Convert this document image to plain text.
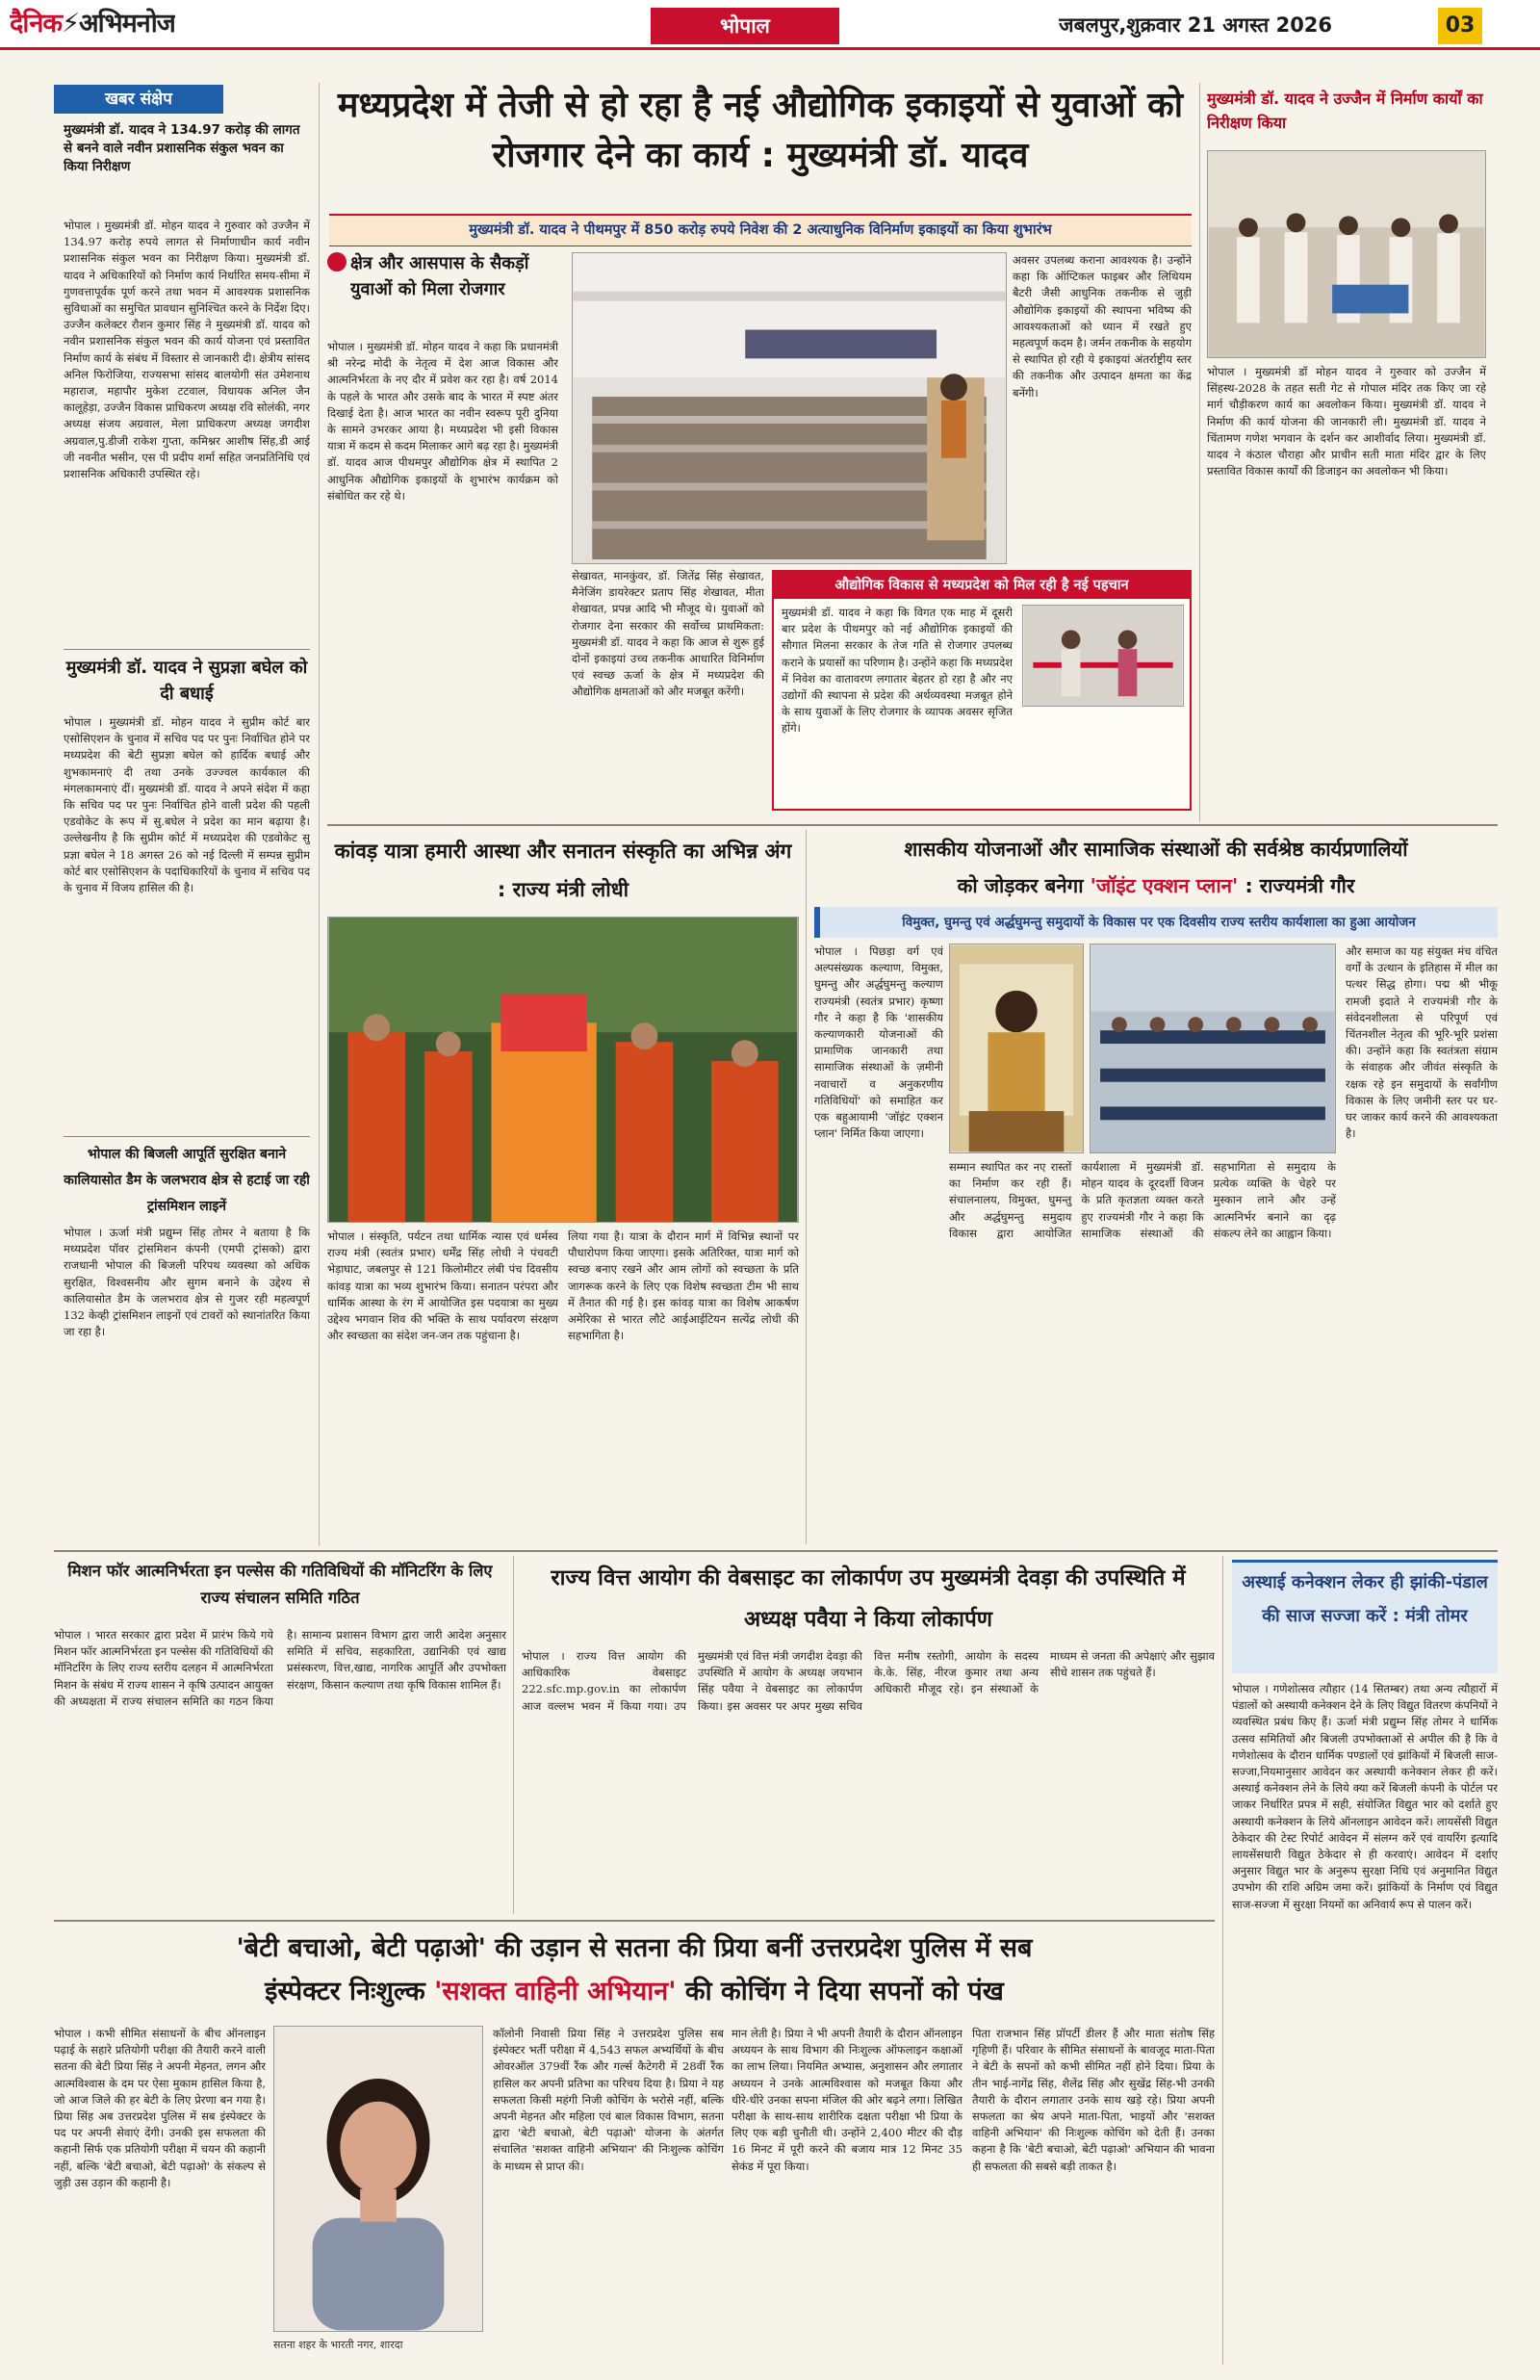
दैनिक⚡अभिमनोज	भोपाल	जबलपुर,शुक्रवार 21 अगस्त 2026	03
खबर संक्षेप
मुख्यमंत्री डॉ. यादव ने 134.97 करोड़ की लागत से बनने वाले नवीन प्रशासनिक संकुल भवन का किया निरीक्षण
भोपाल । मुख्यमंत्री डॉ. मोहन यादव ने गुरुवार को उज्जैन में 134.97 करोड़ रुपये लागत से निर्माणाधीन कार्य नवीन प्रशासनिक संकुल भवन का निरीक्षण किया। मुख्यमंत्री डॉ. यादव ने अधिकारियों को निर्माण कार्य निर्धारित समय-सीमा में गुणवत्तापूर्वक पूर्ण करने तथा भवन में आवश्यक प्रशासनिक सुविधाओं का समुचित प्रावधान सुनिश्चित करने के निर्देश दिए। उज्जैन कलेक्टर रौशन कुमार सिंह ने मुख्यमंत्री डॉ. यादव को नवीन प्रशासनिक संकुल भवन की कार्य योजना एवं प्रस्तावित निर्माण कार्य के संबंध में विस्तार से जानकारी दी। क्षेत्रीय सांसद अनिल फिरोजिया, राज्यसभा सांसद बालयोगी संत उमेशनाथ महाराज, महापौर मुकेश टटवाल, विधायक अनिल जैन कालूहेड़ा, उज्जैन विकास प्राधिकरण अध्यक्ष रवि सोलंकी, नगर अध्यक्ष संजय अग्रवाल, मेला प्राधिकरण अध्यक्ष जगदीश अग्रवाल,पु.डीजी राकेश गुप्ता, कमिश्नर आशीष सिंह,डी आई जी नवनीत भसीन, एस पी प्रदीप शर्मा सहित जनप्रतिनिधि एवं प्रशासनिक अधिकारी उपस्थित रहे।
मुख्यमंत्री डॉ. यादव ने सुप्रज्ञा बघेल को दी बधाई
भोपाल । मुख्यमंत्री डॉ. मोहन यादव ने सुप्रीम कोर्ट बार एसोसिएशन के चुनाव में सचिव पद पर पुनः निर्वाचित होने पर मध्यप्रदेश की बेटी सुप्रज्ञा बघेल को हार्दिक बधाई और शुभकामनाएं दी तथा उनके उज्ज्वल कार्यकाल की मंगलकामनाएं दीं। मुख्यमंत्री डॉ. यादव ने अपने संदेश में कहा कि सचिव पद पर पुनः निर्वाचित होने वाली प्रदेश की पहली एडवोकेट के रूप में सु.बघेल ने प्रदेश का मान बढ़ाया है। उल्लेखनीय है कि सुप्रीम कोर्ट में मध्यप्रदेश की एडवोकेट सु प्रज्ञा बघेल ने 18 अगस्त 26 को नई दिल्ली में सम्पन्न सुप्रीम कोर्ट बार एसोसिएशन के पदाधिकारियों के चुनाव में सचिव पद के चुनाव में विजय हासिल की है।
भोपाल की बिजली आपूर्ति सुरक्षित बनाने कालियासोत डैम के जलभराव क्षेत्र से हटाई जा रही ट्रांसमिशन लाइनें
भोपाल । ऊर्जा मंत्री प्रद्युम्न सिंह तोमर ने बताया है कि मध्यप्रदेश पॉवर ट्रांसमिशन कंपनी (एमपी ट्रांसको) द्वारा राजधानी भोपाल की बिजली परिपथ व्यवस्था को अधिक सुरक्षित, विश्वसनीय और सुगम बनाने के उद्देश्य से कालियासोत डैम के जलभराव क्षेत्र से गुजर रही महत्वपूर्ण 132 केव्ही ट्रांसमिशन लाइनों एवं टावरों को स्थानांतरित किया जा रहा है।
मध्यप्रदेश में तेजी से हो रहा है नई औद्योगिक इकाइयों से युवाओं को रोजगार देने का कार्य : मुख्यमंत्री डॉ. यादव
मुख्यमंत्री डॉ. यादव ने पीथमपुर में 850 करोड़ रुपये निवेश की 2 अत्याधुनिक विनिर्माण इकाइयों का किया शुभारंभ
क्षेत्र और आसपास के सैकड़ों युवाओं को मिला रोजगार
भोपाल । मुख्यमंत्री डॉ. मोहन यादव ने कहा कि प्रधानमंत्री श्री नरेन्द्र मोदी के नेतृत्व में देश आज विकास और आत्मनिर्भरता के नए दौर में प्रवेश कर रहा है। वर्ष 2014 के पहले के भारत और उसके बाद के भारत में स्पष्ट अंतर दिखाई देता है। आज भारत का नवीन स्वरूप पूरी दुनिया के सामने उभरकर आया है। मध्यप्रदेश भी इसी विकास यात्रा में कदम से कदम मिलाकर आगे बढ़ रहा है। मुख्यमंत्री डॉ. यादव आज पीथमपुर औद्योगिक क्षेत्र में स्थापित 2 आधुनिक औद्योगिक इकाइयों के शुभारंभ कार्यक्रम को संबोधित कर रहे थे।
सेखावत, मानकुंवर, डॉ. जितेंद्र सिंह सेखावत, मैनेजिंग डायरेक्टर प्रताप सिंह शेखावत, मीता शेखावत, प्रपन्न आदि भी मौजूद थे। युवाओं को रोजगार देना सरकार की सर्वोच्च प्राथमिकता: मुख्यमंत्री डॉ. यादव ने कहा कि आज से शुरू हुई दोनों इकाइयां उच्च तकनीक आधारित विनिर्माण एवं स्वच्छ ऊर्जा के क्षेत्र में मध्यप्रदेश की औद्योगिक क्षमताओं को और मजबूत करेंगी।
अवसर उपलब्ध कराना आवश्यक है। उन्होंने कहा कि ऑप्टिकल फाइबर और लिथियम बैटरी जैसी आधुनिक तकनीक से जुड़ी औद्योगिक इकाइयों की स्थापना भविष्य की आवश्यकताओं को ध्यान में रखते हुए महत्वपूर्ण कदम है। जर्मन तकनीक के सहयोग से स्थापित हो रही ये इकाइयां अंतर्राष्ट्रीय स्तर की तकनीक और उत्पादन क्षमता का केंद्र बनेंगी।
औद्योगिक विकास से मध्यप्रदेश को मिल रही है नई पहचान
मुख्यमंत्री डॉ. यादव ने कहा कि विगत एक माह में दूसरी बार प्रदेश के पीथमपुर को नई औद्योगिक इकाइयों की सौगात मिलना सरकार के तेज गति से रोजगार उपलब्ध कराने के प्रयासों का परिणाम है। उन्होंने कहा कि मध्यप्रदेश में निवेश का वातावरण लगातार बेहतर हो रहा है और नए उद्योगों की स्थापना से प्रदेश की अर्थव्यवस्था मजबूत होने के साथ युवाओं के लिए रोजगार के व्यापक अवसर सृजित होंगे।
मुख्यमंत्री डॉ. यादव ने उज्जैन में निर्माण कार्यों का निरीक्षण किया
भोपाल । मुख्यमंत्री डॉ मोहन यादव ने गुरुवार को उज्जैन में सिंहस्थ-2028 के तहत सती गेट से गोपाल मंदिर तक किए जा रहे मार्ग चौड़ीकरण कार्य का अवलोकन किया। मुख्यमंत्री डॉ. यादव ने निर्माण की कार्य योजना की जानकारी ली। मुख्यमंत्री डॉ. यादव ने चिंतामण गणेश भगवान के दर्शन कर आशीर्वाद लिया। मुख्यमंत्री डॉ. यादव ने कंठाल चौराहा और प्राचीन सती माता मंदिर द्वार के लिए प्रस्तावित विकास कार्यों की डिजाइन का अवलोकन भी किया।
कांवड़ यात्रा हमारी आस्था और सनातन संस्कृति का अभिन्न अंग : राज्य मंत्री लोधी
भोपाल । संस्कृति, पर्यटन तथा धार्मिक न्यास एवं धर्मस्व राज्य मंत्री (स्वतंत्र प्रभार) धर्मेंद्र सिंह लोधी ने पंचवटी भेड़ाघाट, जबलपुर से 121 किलोमीटर लंबी पंच दिवसीय कांवड़ यात्रा का भव्य शुभारंभ किया। सनातन परंपरा और धार्मिक आस्था के रंग में आयोजित इस पदयात्रा का मुख्य उद्देश्य भगवान शिव की भक्ति के साथ पर्यावरण संरक्षण और स्वच्छता का संदेश जन-जन तक पहुंचाना है।
लिया गया है। यात्रा के दौरान मार्ग में विभिन्न स्थानों पर पौधारोपण किया जाएगा। इसके अतिरिक्त, यात्रा मार्ग को स्वच्छ बनाए रखने और आम लोगों को स्वच्छता के प्रति जागरूक करने के लिए एक विशेष स्वच्छता टीम भी साथ में तैनात की गई है। इस कांवड़ यात्रा का विशेष आकर्षण अमेरिका से भारत लौटे आईआईटियन सत्येंद्र लोधी की सहभागिता है।
शासकीय योजनाओं और सामाजिक संस्थाओं की सर्वश्रेष्ठ कार्यप्रणालियों
को जोड़कर बनेगा 'जॉइंट एक्शन प्लान' : राज्यमंत्री गौर
विमुक्त, घुमन्तु एवं अर्द्धघुमन्तु समुदायों के विकास पर एक दिवसीय राज्य स्तरीय कार्यशाला का हुआ आयोजन
भोपाल । पिछड़ा वर्ग एवं अल्पसंख्यक कल्याण, विमुक्त, घुमन्तु और अर्द्धघुमन्तु कल्याण राज्यमंत्री (स्वतंत्र प्रभार) कृष्णा गौर ने कहा है कि 'शासकीय कल्याणकारी योजनाओं की प्रामाणिक जानकारी तथा सामाजिक संस्थाओं के ज़मीनी नवाचारों व अनुकरणीय गतिविधियों' को समाहित कर एक बहुआयामी 'जॉइंट एक्शन प्लान' निर्मित किया जाएगा।
सम्मान स्थापित कर नए रास्तों का निर्माण कर रही हैं। संचालनालय, विमुक्त, घुमन्तु और अर्द्धघुमन्तु समुदाय विकास द्वारा आयोजित कार्यशाला में मुख्यमंत्री डॉ. मोहन यादव के दूरदर्शी विजन के प्रति कृतज्ञता व्यक्त करते हुए राज्यमंत्री गौर ने कहा कि सामाजिक संस्थाओं की सहभागिता से समुदाय के प्रत्येक व्यक्ति के चेहरे पर मुस्कान लाने और उन्हें आत्मनिर्भर बनाने का दृढ़ संकल्प लेने का आह्वान किया।
और समाज का यह संयुक्त मंच वंचित वर्गों के उत्थान के इतिहास में मील का पत्थर सिद्ध होगा। पद्म श्री भीकू रामजी इदाते ने राज्यमंत्री गौर के संवेदनशीलता से परिपूर्ण एवं चिंतनशील नेतृत्व की भूरि-भूरि प्रशंसा की। उन्होंने कहा कि स्वतंत्रता संग्राम के संवाहक और जीवंत संस्कृति के रक्षक रहे इन समुदायों के सर्वांगीण विकास के लिए जमीनी स्तर पर घर-घर जाकर कार्य करने की आवश्यकता है।
मिशन फॉर आत्मनिर्भरता इन पल्सेस की गतिविधियों की मॉनिटरिंग के लिए राज्य संचालन समिति गठित
भोपाल । भारत सरकार द्वारा प्रदेश में प्रारंभ किये गये मिशन फॉर आत्मनिर्भरता इन पल्सेस की गतिविधियों की मॉनिटरिंग के लिए राज्य स्तरीय दलहन में आत्मनिर्भरता मिशन के संबंध में राज्य शासन ने कृषि उत्पादन आयुक्त की अध्यक्षता में राज्य संचालन समिति का गठन किया है। सामान्य प्रशासन विभाग द्वारा जारी आदेश अनुसार समिति में सचिव, सहकारिता, उद्यानिकी एवं खाद्य प्रसंस्करण, वित्त,खाद्य, नागरिक आपूर्ति और उपभोक्ता संरक्षण, किसान कल्याण तथा कृषि विकास शामिल हैं।
राज्य वित्त आयोग की वेबसाइट का लोकार्पण उप मुख्यमंत्री देवड़ा की उपस्थिति में अध्यक्ष पवैया ने किया लोकार्पण
भोपाल । राज्य वित्त आयोग की आधिकारिक वेबसाइट 222.sfc.mp.gov.in का लोकार्पण आज वल्लभ भवन में किया गया। उप मुख्यमंत्री एवं वित्त मंत्री जगदीश देवड़ा की उपस्थिति में आयोग के अध्यक्ष जयभान सिंह पवैया ने वेबसाइट का लोकार्पण किया। इस अवसर पर अपर मुख्य सचिव वित्त मनीष रस्तोगी, आयोग के सदस्य के.के. सिंह, नीरज कुमार तथा अन्य अधिकारी मौजूद रहे। इन संस्थाओं के माध्यम से जनता की अपेक्षाएं और सुझाव सीधे शासन तक पहुंचते हैं।
अस्थाई कनेक्शन लेकर ही झांकी-पंडाल की साज सज्जा करें : मंत्री तोमर
भोपाल । गणेशोत्सव त्यौहार (14 सितम्बर) तथा अन्य त्यौहारों में पंडालों को अस्थायी कनेक्शन देने के लिए विद्युत वितरण कंपनियों ने व्यवस्थित प्रबंध किए हैं। ऊर्जा मंत्री प्रद्युम्न सिंह तोमर ने धार्मिक उत्सव समितियों और बिजली उपभोक्ताओं से अपील की है कि वे गणेशोत्सव के दौरान धार्मिक पण्डालों एवं झांकियों में बिजली साज-सज्जा,नियमानुसार आवेदन कर अस्थायी कनेक्शन लेकर ही करें। अस्थाई कनेक्शन लेने के लिये क्या करें बिजली कंपनी के पोर्टल पर जाकर निर्धारित प्रपत्र में सही, संयोजित विद्युत भार को दर्शाते हुए अस्थायी कनेक्शन के लिये ऑनलाइन आवेदन करें। लायसेंसी विद्युत ठेकेदार की टेस्ट रिपोर्ट आवेदन में संलग्न करें एवं वायरिंग इत्यादि लायसेंसधारी विद्युत ठेकेदार से ही करवाएं। आवेदन में दर्शाए अनुसार विद्युत भार के अनुरूप सुरक्षा निधि एवं अनुमानित विद्युत उपभोग की राशि अग्रिम जमा करें। झांकियों के निर्माण एवं विद्युत साज-सज्जा में सुरक्षा नियमों का अनिवार्य रूप से पालन करें।
'बेटी बचाओ, बेटी पढ़ाओ' की उड़ान से सतना की प्रिया बनीं उत्तरप्रदेश पुलिस में सब
इंस्पेक्टर निःशुल्क 'सशक्त वाहिनी अभियान' की कोचिंग ने दिया सपनों को पंख
भोपाल । कभी सीमित संसाधनों के बीच ऑनलाइन पढ़ाई के सहारे प्रतियोगी परीक्षा की तैयारी करने वाली सतना की बेटी प्रिया सिंह ने अपनी मेहनत, लगन और आत्मविश्वास के दम पर ऐसा मुकाम हासिल किया है, जो आज जिले की हर बेटी के लिए प्रेरणा बन गया है। प्रिया सिंह अब उत्तरप्रदेश पुलिस में सब इंस्पेक्टर के पद पर अपनी सेवाएं देंगी। उनकी इस सफलता की कहानी सिर्फ एक प्रतियोगी परीक्षा में चयन की कहानी नहीं, बल्कि 'बेटी बचाओ, बेटी पढ़ाओ' के संकल्प से जुड़ी उस उड़ान की कहानी है।
सतना शहर के भारती नगर, शारदा
कॉलोनी निवासी प्रिया सिंह ने उत्तरप्रदेश पुलिस सब इंस्पेक्टर भर्ती परीक्षा में 4,543 सफल अभ्यर्थियों के बीच ओवरऑल 379वीं रैंक और गर्ल्स कैटेगरी में 28वीं रैंक हासिल कर अपनी प्रतिभा का परिचय दिया है। प्रिया ने यह सफलता किसी महंगी निजी कोचिंग के भरोसे नहीं, बल्कि अपनी मेहनत और महिला एवं बाल विकास विभाग, सतना द्वारा 'बेटी बचाओ, बेटी पढ़ाओ' योजना के अंतर्गत संचालित 'सशक्त वाहिनी अभियान' की निःशुल्क कोचिंग के माध्यम से प्राप्त की।
मान लेती है। प्रिया ने भी अपनी तैयारी के दौरान ऑनलाइन अध्ययन के साथ विभाग की निःशुल्क ऑफलाइन कक्षाओं का लाभ लिया। नियमित अभ्यास, अनुशासन और लगातार अध्ययन ने उनके आत्मविश्वास को मजबूत किया और धीरे-धीरे उनका सपना मंजिल की ओर बढ़ने लगा। लिखित परीक्षा के साथ-साथ शारीरिक दक्षता परीक्षा भी प्रिया के लिए एक बड़ी चुनौती थी। उन्होंने 2,400 मीटर की दौड़ 16 मिनट में पूरी करने की बजाय मात्र 12 मिनट 35 सेकंड में पूरा किया।
पिता राजभान सिंह प्रॉपर्टी डीलर हैं और माता संतोष सिंह गृहिणी हैं। परिवार के सीमित संसाधनों के बावजूद माता-पिता ने बेटी के सपनों को कभी सीमित नहीं होने दिया। प्रिया के तीन भाई-नागेंद्र सिंह, शैलेंद्र सिंह और सुखेंद्र सिंह-भी उनकी तैयारी के दौरान लगातार उनके साथ खड़े रहे। प्रिया अपनी सफलता का श्रेय अपने माता-पिता, भाइयों और 'सशक्त वाहिनी अभियान' की निःशुल्क कोचिंग को देती हैं। उनका कहना है कि 'बेटी बचाओ, बेटी पढ़ाओ' अभियान की भावना ही सफलता की सबसे बड़ी ताकत है।
